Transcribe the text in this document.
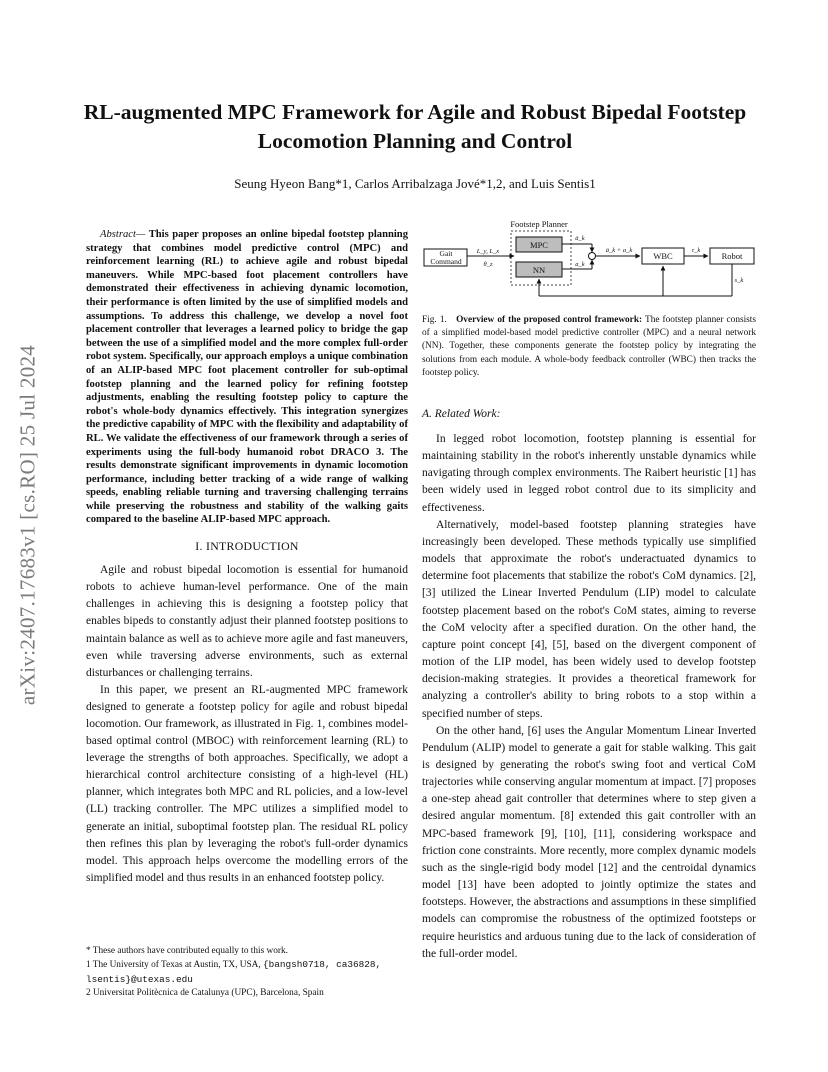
arXiv:2407.17683v1 [cs.RO] 25 Jul 2024
RL-augmented MPC Framework for Agile and Robust Bipedal Footstep Locomotion Planning and Control
Seung Hyeon Bang*1, Carlos Arribalzaga Jové*1,2, and Luis Sentis1
Abstract— This paper proposes an online bipedal footstep planning strategy that combines model predictive control (MPC) and reinforcement learning (RL) to achieve agile and robust bipedal maneuvers. While MPC-based foot placement controllers have demonstrated their effectiveness in achieving dynamic locomotion, their performance is often limited by the use of simplified models and assumptions. To address this challenge, we develop a novel foot placement controller that leverages a learned policy to bridge the gap between the use of a simplified model and the more complex full-order robot system. Specifically, our approach employs a unique combination of an ALIP-based MPC foot placement controller for sub-optimal footstep planning and the learned policy for refining footstep adjustments, enabling the resulting footstep policy to capture the robot's whole-body dynamics effectively. This integration synergizes the predictive capability of MPC with the flexibility and adaptability of RL. We validate the effectiveness of our framework through a series of experiments using the full-body humanoid robot DRACO 3. The results demonstrate significant improvements in dynamic locomotion performance, including better tracking of a wide range of walking speeds, enabling reliable turning and traversing challenging terrains while preserving the robustness and stability of the walking gaits compared to the baseline ALIP-based MPC approach.
I. INTRODUCTION

Agile and robust bipedal locomotion is essential for humanoid robots to achieve human-level performance. One of the main challenges in achieving this is designing a footstep policy that enables bipeds to constantly adjust their planned footstep positions to maintain balance as well as to achieve more agile and fast maneuvers, even while traversing adverse environments, such as external disturbances or challenging terrains.

In this paper, we present an RL-augmented MPC framework designed to generate a footstep policy for agile and robust bipedal locomotion. Our framework, as illustrated in Fig. 1, combines model-based optimal control (MBOC) with reinforcement learning (RL) to leverage the strengths of both approaches. Specifically, we adopt a hierarchical control architecture consisting of a high-level (HL) planner, which integrates both MPC and RL policies, and a low-level (LL) tracking controller. The MPC utilizes a simplified model to generate an initial, suboptimal footstep plan. The residual RL policy then refines this plan by leveraging the robot's full-order dynamics model. This approach helps overcome the modelling errors of the simplified model and thus results in an enhanced footstep policy.

* These authors have contributed equally to this work.
1 The University of Texas at Austin, TX, USA, {bangsh0718, ca36828, lsentis}@utexas.edu
2 Universitat Politècnica de Catalunya (UPC), Barcelona, Spain
Footstep Planner
Gait
Command
L_y, L_x
θ_z
MPC
NN
ā_k
a_k
ā_k + a_k
WBC
τ_k
Robot
s_k
Fig. 1. Overview of the proposed control framework: The footstep planner consists of a simplified model-based model predictive controller (MPC) and a neural network (NN). Together, these components generate the footstep policy by integrating the solutions from each module. A whole-body feedback controller (WBC) then tracks the footstep policy.
A. Related Work:

In legged robot locomotion, footstep planning is essential for maintaining stability in the robot's inherently unstable dynamics while navigating through complex environments. The Raibert heuristic [1] has been widely used in legged robot control due to its simplicity and effectiveness.

Alternatively, model-based footstep planning strategies have increasingly been developed. These methods typically use simplified models that approximate the robot's underactuated dynamics to determine foot placements that stabilize the robot's CoM dynamics. [2], [3] utilized the Linear Inverted Pendulum (LIP) model to calculate footstep placement based on the robot's CoM states, aiming to reverse the CoM velocity after a specified duration. On the other hand, the capture point concept [4], [5], based on the divergent component of motion of the LIP model, has been widely used to develop footstep decision-making strategies. It provides a theoretical framework for analyzing a controller's ability to bring robots to a stop within a specified number of steps.

On the other hand, [6] uses the Angular Momentum Linear Inverted Pendulum (ALIP) model to generate a gait for stable walking. This gait is designed by generating the robot's swing foot and vertical CoM trajectories while conserving angular momentum at impact. [7] proposes a one-step ahead gait controller that determines where to step given a desired angular momentum. [8] extended this gait controller with an MPC-based framework [9], [10], [11], considering workspace and friction cone constraints. More recently, more complex dynamic models such as the single-rigid body model [12] and the centroidal dynamics model [13] have been adopted to jointly optimize the states and footsteps. However, the abstractions and assumptions in these simplified models can compromise the robustness of the optimized footsteps or require heuristics and arduous tuning due to the lack of consideration of the full-order model.
